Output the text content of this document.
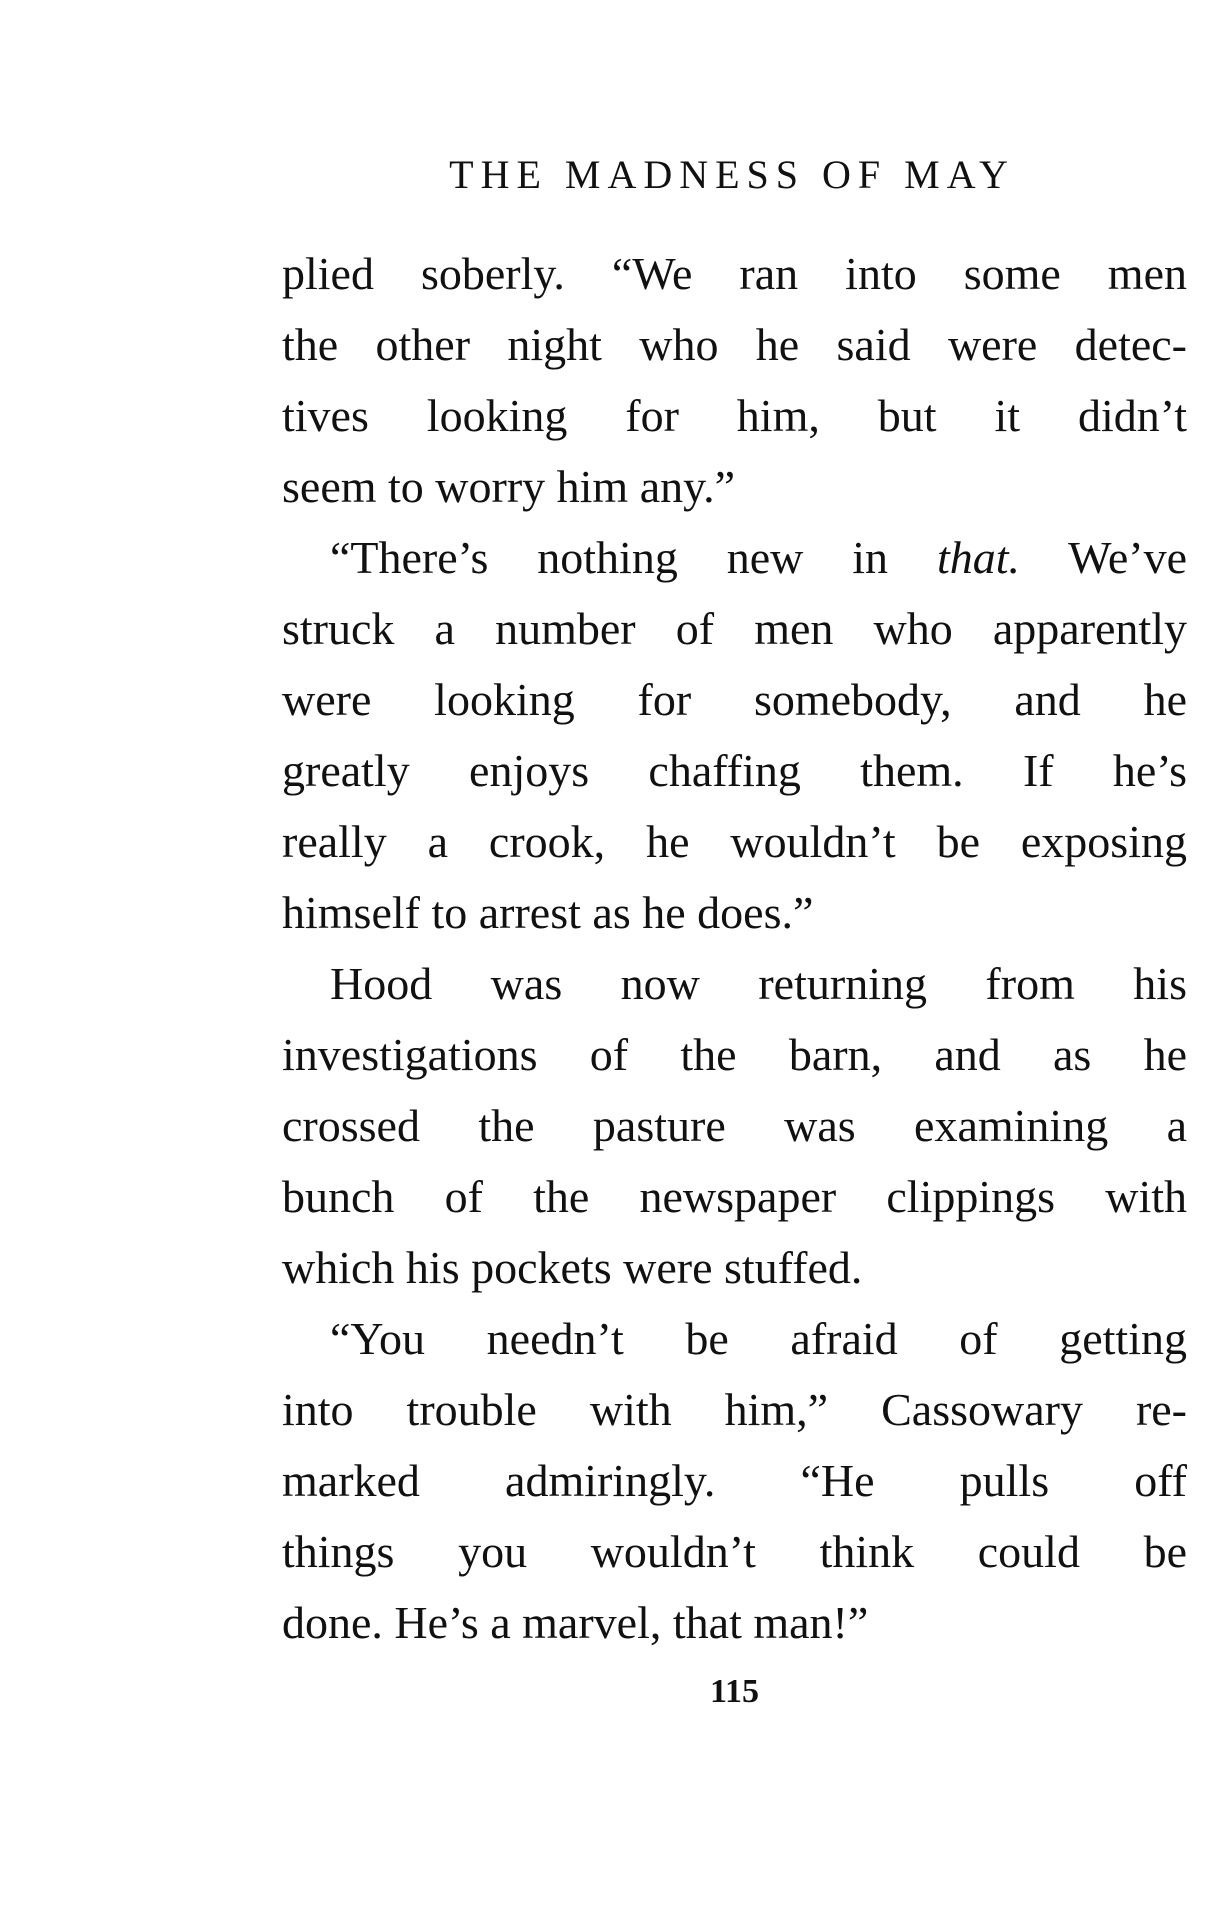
THE MADNESS OF MAY
plied soberly. “We ran into some men
the other night who he said were detec-
tives looking for him, but it didn’t
seem to worry him any.”
“There’s nothing new in that. We’ve
struck a number of men who apparently
were looking for somebody, and he
greatly enjoys chaffing them. If he’s
really a crook, he wouldn’t be exposing
himself to arrest as he does.”
Hood was now returning from his
investigations of the barn, and as he
crossed the pasture was examining a
bunch of the newspaper clippings with
which his pockets were stuffed.
“You needn’t be afraid of getting
into trouble with him,” Cassowary re-
marked admiringly. “He pulls off
things you wouldn’t think could be
done. He’s a marvel, that man!”
115
